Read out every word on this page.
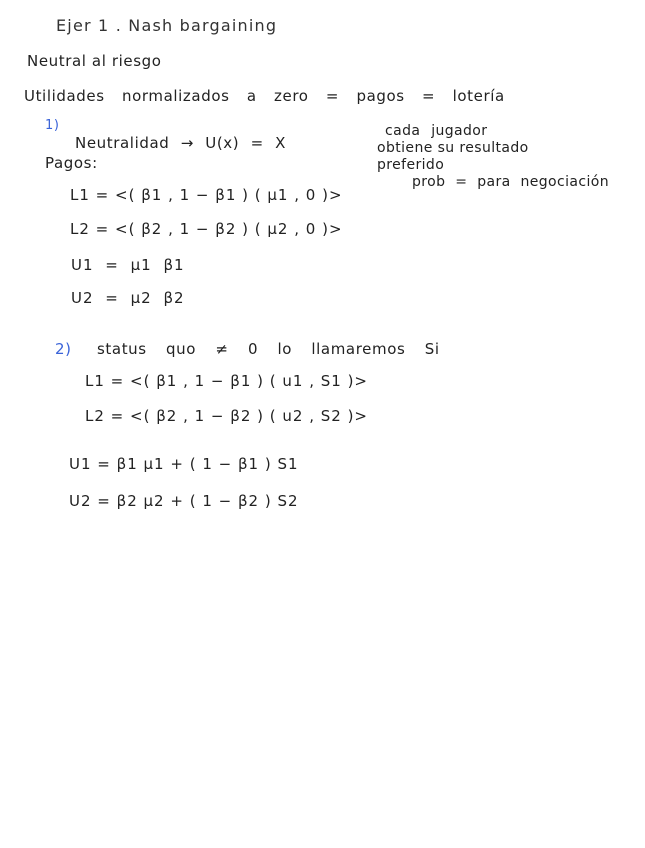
Ejer 1 . Nash bargaining
Neutral al riesgo
Utilidades normalizados a zero = pagos = lotería
1)
Neutralidad → U(x) = X
Pagos:
L1 = <( β1 , 1 − β1 ) ( μ1 , 0 )>
L2 = <( β2 , 1 − β2 ) ( μ2 , 0 )>
U1 = μ1 β1
U2 = μ2 β2
cada jugador
obtiene su resultado
preferido
prob = para negociación
2) status quo ≠ 0 lo llamaremos Si
L1 = <( β1 , 1 − β1 ) ( u1 , S1 )>
L2 = <( β2 , 1 − β2 ) ( u2 , S2 )>
U1 = β1 μ1 + ( 1 − β1 ) S1
U2 = β2 μ2 + ( 1 − β2 ) S2
